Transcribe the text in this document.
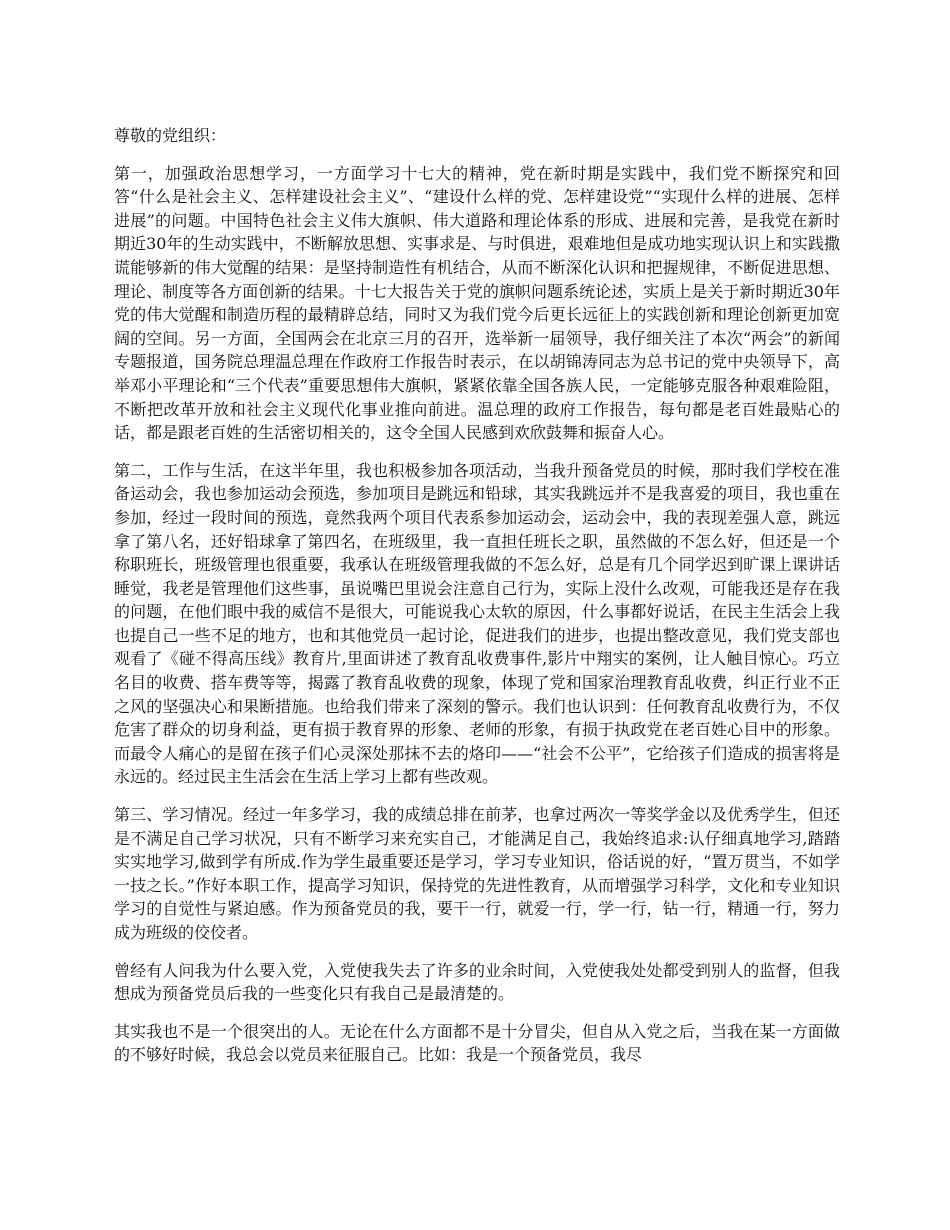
尊敬的党组织：

第一，加强政治思想学习，一方面学习十七大的精神，党在新时期是实践中，我们党不断探究和回答“什么是社会主义、怎样建设社会主义”、“建设什么样的党、怎样建设党”“实现什么样的进展、怎样进展”的问题。中国特色社会主义伟大旗帜、伟大道路和理论体系的形成、进展和完善，是我党在新时期近30年的生动实践中，不断解放思想、实事求是、与时俱进，艰难地但是成功地实现认识上和实践撒谎能够新的伟大觉醒的结果：是坚持制造性有机结合，从而不断深化认识和把握规律，不断促进思想、理论、制度等各方面创新的结果。十七大报告关于党的旗帜问题系统论述，实质上是关于新时期近30年党的伟大觉醒和制造历程的最精辟总结，同时又为我们党今后更长远征上的实践创新和理论创新更加宽阔的空间。另一方面，全国两会在北京三月的召开，选举新一届领导，我仔细关注了本次“两会”的新闻专题报道，国务院总理温总理在作政府工作报告时表示，在以胡锦涛同志为总书记的党中央领导下，高举邓小平理论和“三个代表”重要思想伟大旗帜，紧紧依靠全国各族人民，一定能够克服各种艰难险阻，不断把改革开放和社会主义现代化事业推向前进。温总理的政府工作报告，每句都是老百姓最贴心的话，都是跟老百姓的生活密切相关的，这令全国人民感到欢欣鼓舞和振奋人心。

第二，工作与生活，在这半年里，我也积极参加各项活动，当我升预备党员的时候，那时我们学校在准备运动会，我也参加运动会预选，参加项目是跳远和铅球，其实我跳远并不是我喜爱的项目，我也重在参加，经过一段时间的预选，竟然我两个项目代表系参加运动会，运动会中，我的表现差强人意，跳远拿了第八名，还好铅球拿了第四名，在班级里，我一直担任班长之职，虽然做的不怎么好，但还是一个称职班长，班级管理也很重要，我承认在班级管理我做的不怎么好，总是有几个同学迟到旷课上课讲话睡觉，我老是管理他们这些事，虽说嘴巴里说会注意自己行为，实际上没什么改观，可能我还是存在我的问题，在他们眼中我的威信不是很大，可能说我心太软的原因，什么事都好说话，在民主生活会上我也提自己一些不足的地方，也和其他党员一起讨论，促进我们的进步，也提出整改意见，我们党支部也观看了《碰不得高压线》教育片,里面讲述了教育乱收费事件,影片中翔实的案例，让人触目惊心。巧立名目的收费、搭车费等等，揭露了教育乱收费的现象，体现了党和国家治理教育乱收费，纠正行业不正之风的坚强决心和果断措施。也给我们带来了深刻的警示。我们也认识到：任何教育乱收费行为，不仅危害了群众的切身利益，更有损于教育界的形象、老师的形象，有损于执政党在老百姓心目中的形象。而最令人痛心的是留在孩子们心灵深处那抹不去的烙印——“社会不公平”，它给孩子们造成的损害将是永远的。经过民主生活会在生活上学习上都有些改观。

第三、学习情况。经过一年多学习，我的成绩总排在前茅，也拿过两次一等奖学金以及优秀学生，但还是不满足自己学习状况，只有不断学习来充实自己，才能满足自己，我始终追求:认仔细真地学习,踏踏实实地学习,做到学有所成.作为学生最重要还是学习，学习专业知识，俗话说的好，“置万贯当，不如学一技之长。”作好本职工作，提高学习知识，保持党的先进性教育，从而增强学习科学，文化和专业知识学习的自觉性与紧迫感。作为预备党员的我，要干一行，就爱一行，学一行，钻一行，精通一行，努力成为班级的佼佼者。

曾经有人问我为什么要入党，入党使我失去了许多的业余时间，入党使我处处都受到别人的监督，但我想成为预备党员后我的一些变化只有我自己是最清楚的。

其实我也不是一个很突出的人。无论在什么方面都不是十分冒尖，但自从入党之后，当我在某一方面做的不够好时候，我总会以党员来征服自己。比如：我是一个预备党员，我尽
